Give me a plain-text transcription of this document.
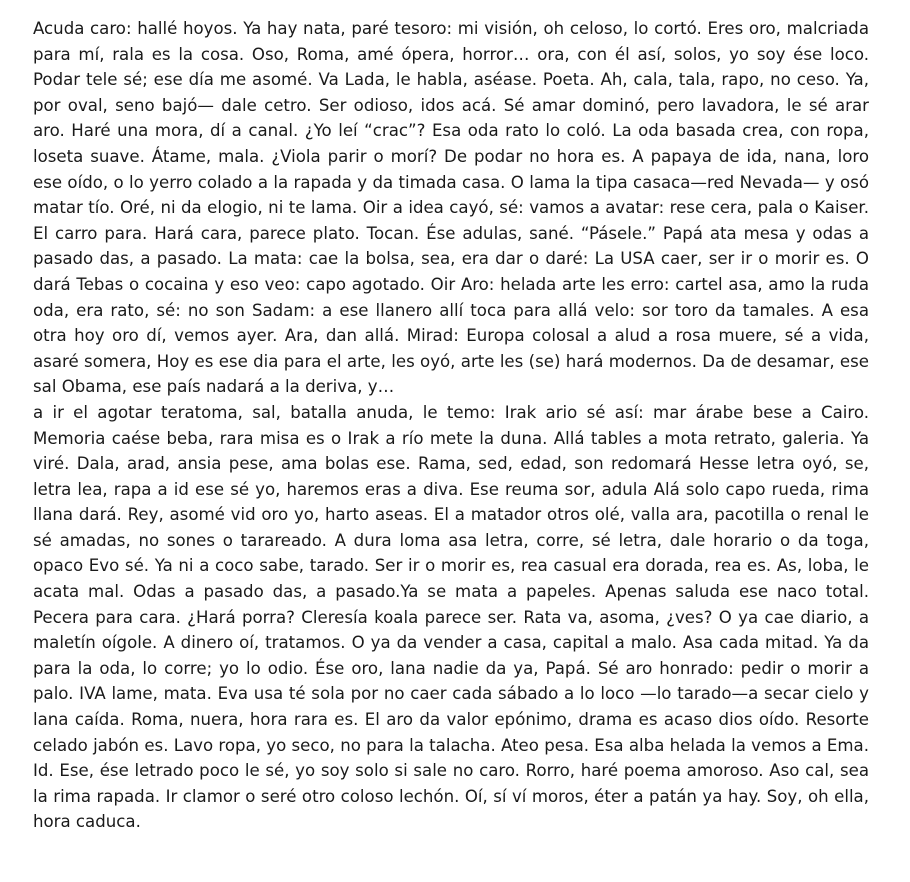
Acuda caro: hallé hoyos. Ya hay nata, paré tesoro: mi visión, oh celoso, lo cortó. Eres oro, malcriada para mí, rala es la cosa. Oso, Roma, amé ópera, horror… ora, con él así, solos, yo soy ése loco. Podar tele sé; ese día me asomé. Va Lada, le habla, aséase. Poeta. Ah, cala, tala, rapo, no ceso. Ya, por oval, seno bajó— dale cetro. Ser odioso, idos acá. Sé amar dominó, pero lavadora, le sé arar aro. Haré una mora, dí a canal. ¿Yo leí “crac”? Esa oda rato lo coló. La oda basada crea, con ropa, loseta suave. Átame, mala. ¿Viola parir o morí? De podar no hora es. A papaya de ida, nana, loro ese oído, o lo yerro colado a la rapada y da timada casa. O lama la tipa casaca—red Nevada— y osó matar tío. Oré, ni da elogio, ni te lama. Oir a idea cayó, sé: vamos a avatar: rese cera, pala o Kaiser. El carro para. Hará cara, parece plato. Tocan. Ése adulas, sané. “Pásele.” Papá ata mesa y odas a pasado das, a pasado. La mata: cae la bolsa, sea, era dar o daré: La USA caer, ser ir o morir es. O dará Tebas o cocaina y eso veo: capo agotado. Oir Aro: helada arte les erro: cartel asa, amo la ruda oda, era rato, sé: no son Sadam: a ese llanero allí toca para allá velo: sor toro da tamales. A esa otra hoy oro dí, vemos ayer. Ara, dan allá. Mirad: Europa colosal a alud a rosa muere, sé a vida, asaré somera, Hoy es ese dia para el arte, les oyó, arte les (se) hará modernos. Da de desamar, ese sal Obama, ese país nadará a la deriva, y…

a ir el agotar teratoma, sal, batalla anuda, le temo: Irak ario sé así: mar árabe bese a Cairo. Memoria caése beba, rara misa es o Irak a río mete la duna. Allá tables a mota retrato, galeria. Ya viré. Dala, arad, ansia pese, ama bolas ese. Rama, sed, edad, son redomará Hesse letra oyó, se, letra lea, rapa a id ese sé yo, haremos eras a diva. Ese reuma sor, adula Alá solo capo rueda, rima llana dará. Rey, asomé vid oro yo, harto aseas. El a matador otros olé, valla ara, pacotilla o renal le sé amadas, no sones o tarareado. A dura loma asa letra, corre, sé letra, dale horario o da toga, opaco Evo sé. Ya ni a coco sabe, tarado. Ser ir o morir es, rea casual era dorada, rea es. As, loba, le acata mal. Odas a pasado das, a pasado.Ya se mata a papeles. Apenas saluda ese naco total. Pecera para cara. ¿Hará porra? Cleresía koala parece ser. Rata va, asoma, ¿ves? O ya cae diario, a maletín oígole. A dinero oí, tratamos. O ya da vender a casa, capital a malo. Asa cada mitad. Ya da para la oda, lo corre; yo lo odio. Ése oro, lana nadie da ya, Papá. Sé aro honrado: pedir o morir a palo. IVA lame, mata. Eva usa té sola por no caer cada sábado a lo loco —lo tarado—a secar cielo y lana caída. Roma, nuera, hora rara es. El aro da valor epónimo, drama es acaso dios oído. Resorte celado jabón es. Lavo ropa, yo seco, no para la talacha. Ateo pesa. Esa alba helada la vemos a Ema. Id. Ese, ése letrado poco le sé, yo soy solo si sale no caro. Rorro, haré poema amoroso. Aso cal, sea la rima rapada. Ir clamor o seré otro coloso lechón. Oí, sí ví moros, éter a patán ya hay. Soy, oh ella, hora caduca.
